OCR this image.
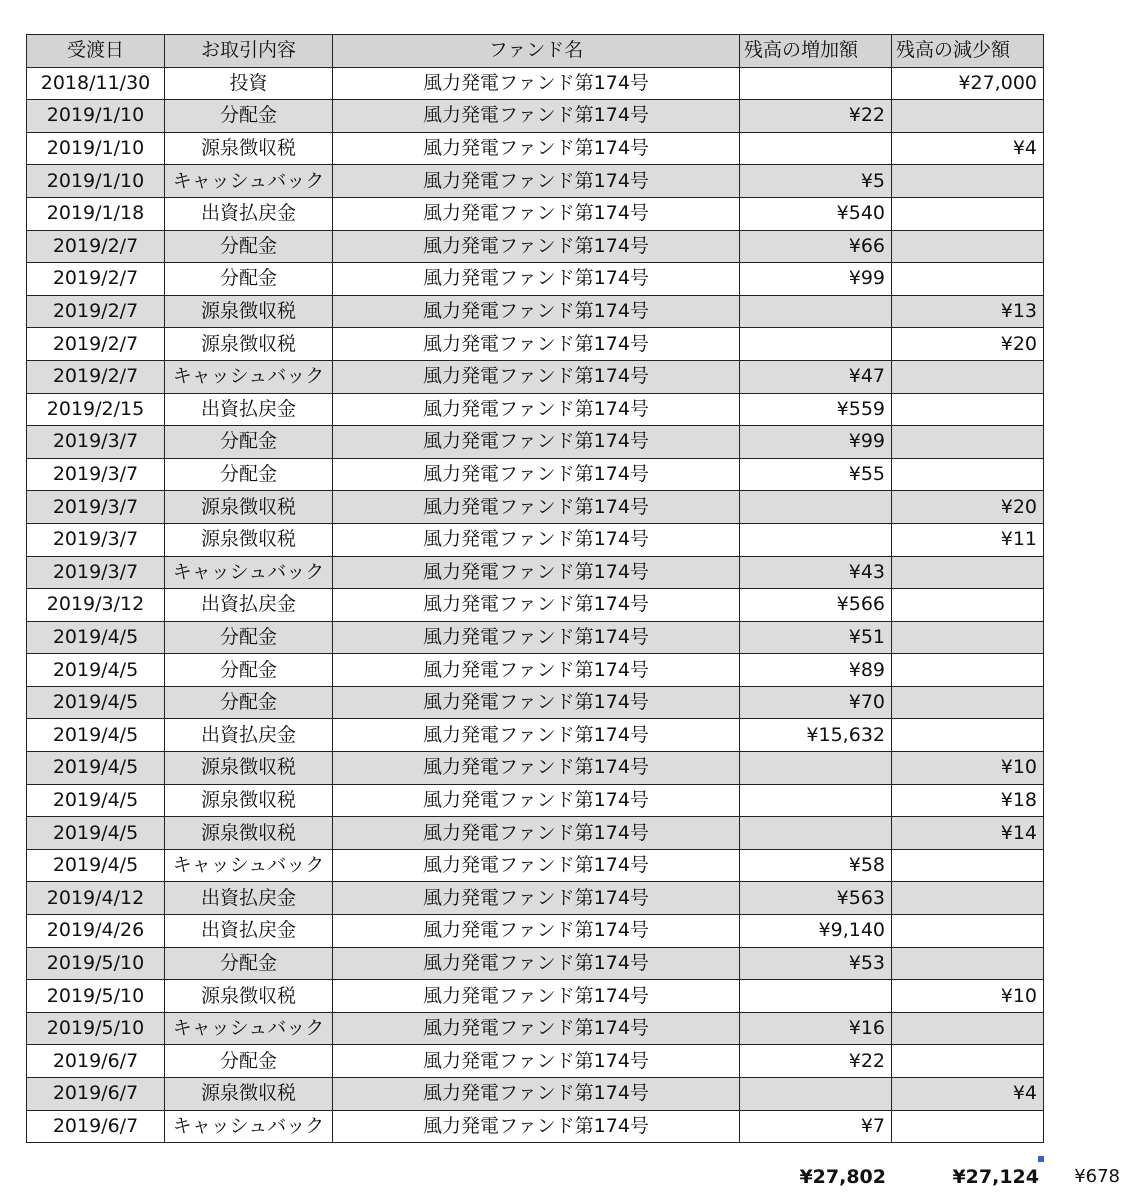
受渡日	お取引内容	ファンド名	残高の増加額	残高の減少額
2018/11/30	投資	風力発電ファンド第174号		¥27,000
2019/1/10	分配金	風力発電ファンド第174号	¥22	
2019/1/10	源泉徴収税	風力発電ファンド第174号		¥4
2019/1/10	キャッシュバック	風力発電ファンド第174号	¥5	
2019/1/18	出資払戻金	風力発電ファンド第174号	¥540	
2019/2/7	分配金	風力発電ファンド第174号	¥66	
2019/2/7	分配金	風力発電ファンド第174号	¥99	
2019/2/7	源泉徴収税	風力発電ファンド第174号		¥13
2019/2/7	源泉徴収税	風力発電ファンド第174号		¥20
2019/2/7	キャッシュバック	風力発電ファンド第174号	¥47	
2019/2/15	出資払戻金	風力発電ファンド第174号	¥559	
2019/3/7	分配金	風力発電ファンド第174号	¥99	
2019/3/7	分配金	風力発電ファンド第174号	¥55	
2019/3/7	源泉徴収税	風力発電ファンド第174号		¥20
2019/3/7	源泉徴収税	風力発電ファンド第174号		¥11
2019/3/7	キャッシュバック	風力発電ファンド第174号	¥43	
2019/3/12	出資払戻金	風力発電ファンド第174号	¥566	
2019/4/5	分配金	風力発電ファンド第174号	¥51	
2019/4/5	分配金	風力発電ファンド第174号	¥89	
2019/4/5	分配金	風力発電ファンド第174号	¥70	
2019/4/5	出資払戻金	風力発電ファンド第174号	¥15,632	
2019/4/5	源泉徴収税	風力発電ファンド第174号		¥10
2019/4/5	源泉徴収税	風力発電ファンド第174号		¥18
2019/4/5	源泉徴収税	風力発電ファンド第174号		¥14
2019/4/5	キャッシュバック	風力発電ファンド第174号	¥58	
2019/4/12	出資払戻金	風力発電ファンド第174号	¥563	
2019/4/26	出資払戻金	風力発電ファンド第174号	¥9,140	
2019/5/10	分配金	風力発電ファンド第174号	¥53	
2019/5/10	源泉徴収税	風力発電ファンド第174号		¥10
2019/5/10	キャッシュバック	風力発電ファンド第174号	¥16	
2019/6/7	分配金	風力発電ファンド第174号	¥22	
2019/6/7	源泉徴収税	風力発電ファンド第174号		¥4
2019/6/7	キャッシュバック	風力発電ファンド第174号	¥7	
¥27,802	¥27,124 ¥678
